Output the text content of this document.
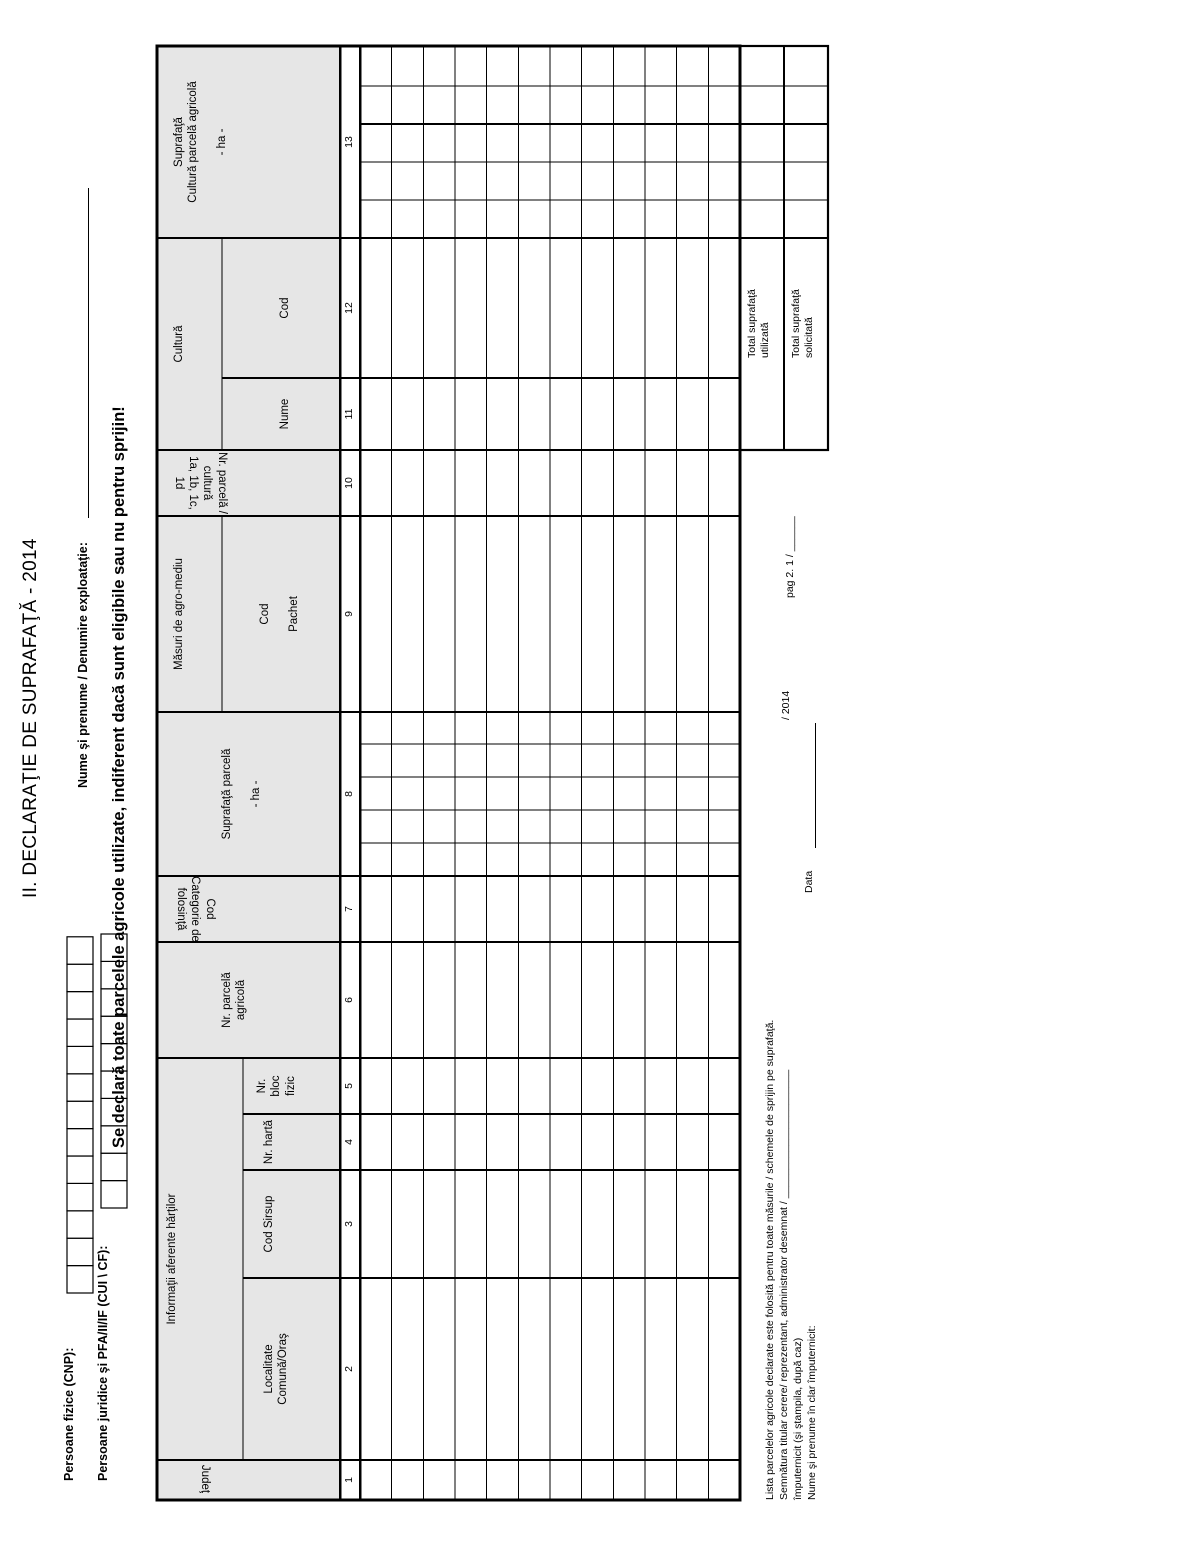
II. DECLARAŢIE DE SUPRAFAŢĂ - 2014
Persoane fizice (CNP):
Nume şi prenume / Denumire exploataţie:
Persoane juridice şi PFA/II/IF (CUI \ CF):
Se declară toate parcelele agricole utilizate, indiferent dacă sunt eligibile sau nu pentru sprijin!
Judeţ
Informaţii aferente hărţilor
Localitate
Comună/Oraş
Cod Sirsup
Nr. hartă
Nr.
bloc
fizic
Nr. parcelă
agricolă
Cod
Categorie de folosinţă
Suprafaţă parcelă

- ha -
Măsuri de agro-mediu	Cod

Pachet
Nr. parcelă / cultură
1a, 1b, 1c, 1d
Cultură
Nume
Cod
Suprafaţă
Cultură parcelă agricolă

- ha -
1
2
3
4
5
6
7
8
9
10
11
12
13
Total suprafaţă
utilizată Total suprafaţă
solicitată
Lista parcelelor agricole declarate este folosită pentru toate măsurile / schemele de sprijin pe suprafaţă. Semnătura titular cerere/ reprezentant, administrator desemnat / ______________________ împuternicit (şi ştampila, după caz) Nume şi prenume în clar împuternicit:
Data
/ 2014
pag 2. 1 / ______
